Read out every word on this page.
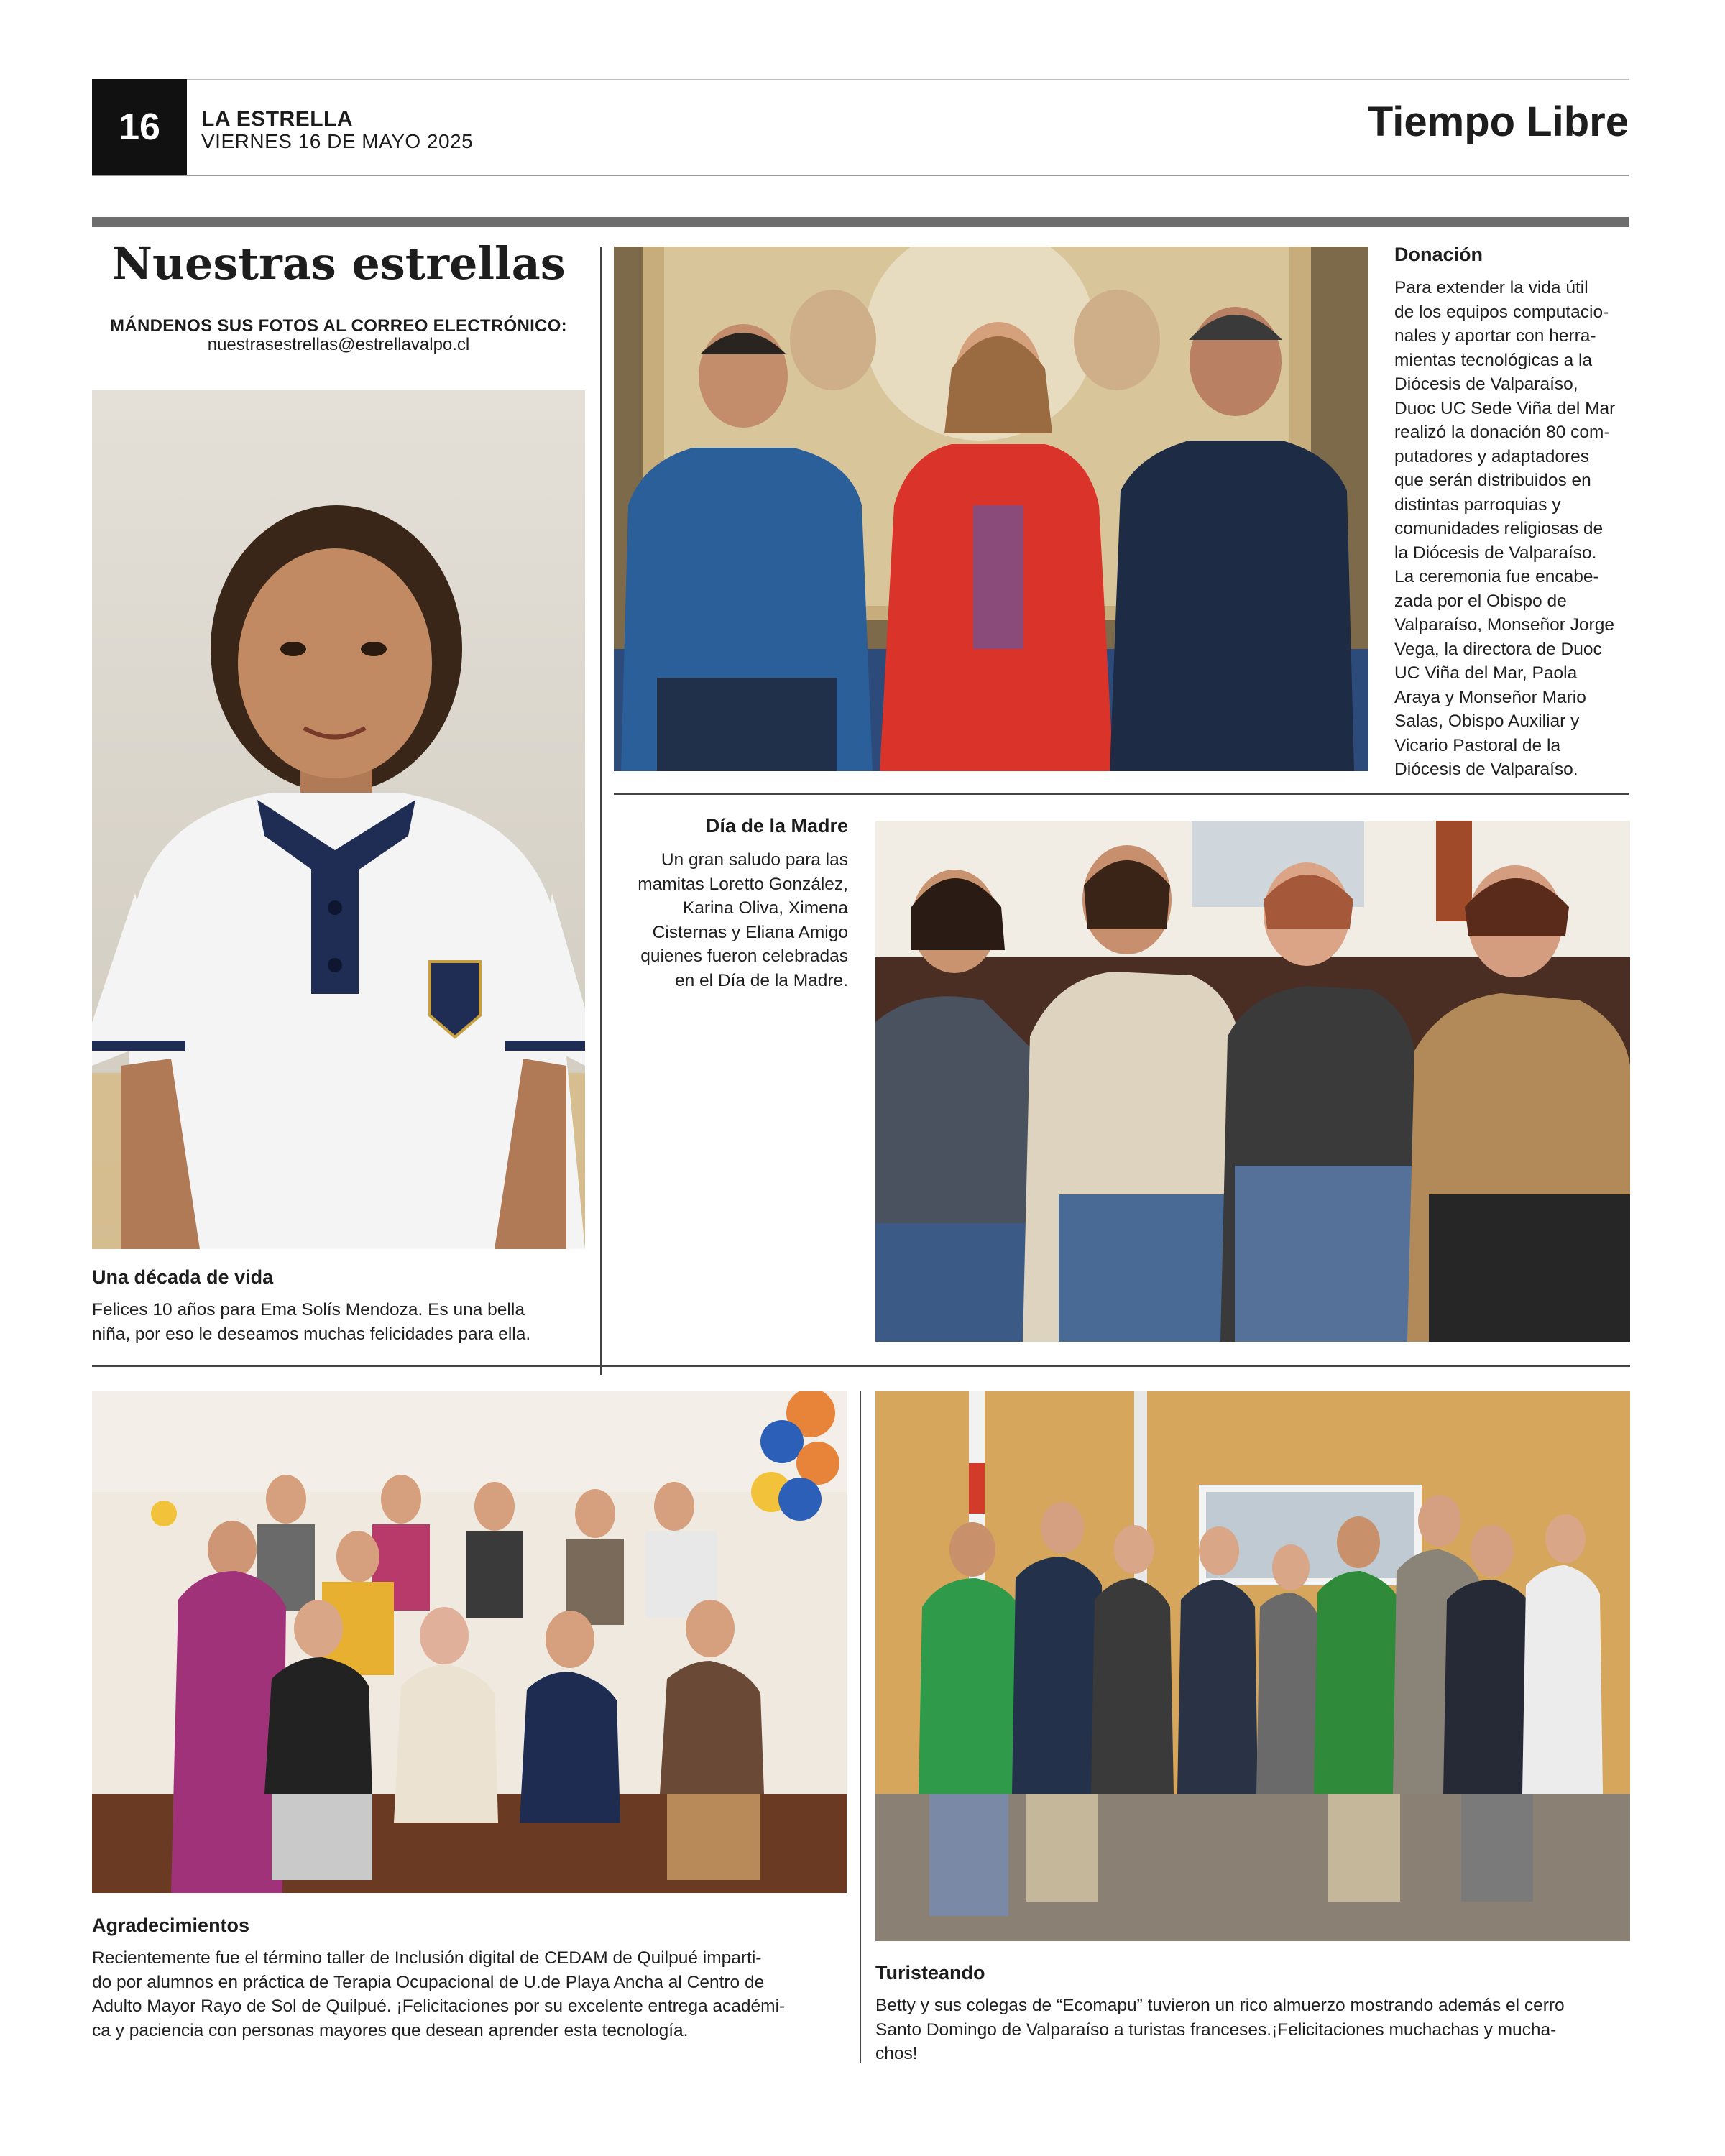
16	LA ESTRELLA
VIERNES 16 DE MAYO 2025	Tiempo Libre
Nuestras estrellas
MÁNDENOS SUS FOTOS AL CORREO ELECTRÓNICO:
nuestrasestrellas@estrellavalpo.cl
Una década de vida
Felices 10 años para Ema Solís Mendoza. Es una bella
niña, por eso le deseamos muchas felicidades para ella.
Donación
Para extender la vida útil
de los equipos computacio-
nales y aportar con herra-
mientas tecnológicas a la
Diócesis de Valparaíso,
Duoc UC Sede Viña del Mar
realizó la donación 80 com-
putadores y adaptadores
que serán distribuidos en
distintas parroquias y
comunidades religiosas de
la Diócesis de Valparaíso.
La ceremonia fue encabe-
zada por el Obispo de
Valparaíso, Monseñor Jorge
Vega, la directora de Duoc
UC Viña del Mar, Paola
Araya y Monseñor Mario
Salas, Obispo Auxiliar y
Vicario Pastoral de la
Diócesis de Valparaíso.
Día de la Madre
Un gran saludo para las
mamitas Loretto González,
Karina Oliva, Ximena
Cisternas y Eliana Amigo
quienes fueron celebradas
en el Día de la Madre.
Agradecimientos
Recientemente fue el término taller de Inclusión digital de CEDAM de Quilpué imparti-
do por alumnos en práctica de Terapia Ocupacional de U.de Playa Ancha al Centro de
Adulto Mayor Rayo de Sol de Quilpué. ¡Felicitaciones por su excelente entrega académi-
ca y paciencia con personas mayores que desean aprender esta tecnología.
Turisteando
Betty y sus colegas de “Ecomapu” tuvieron un rico almuerzo mostrando además el cerro
Santo Domingo de Valparaíso a turistas franceses.¡Felicitaciones muchachas y mucha-
chos!
